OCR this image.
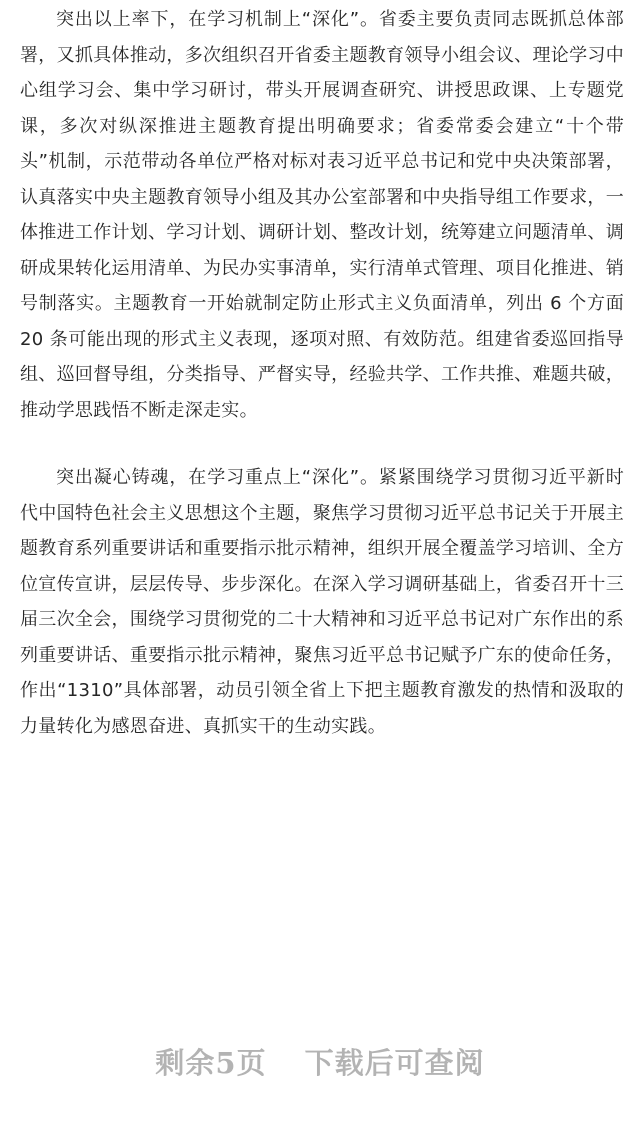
突出以上率下，在学习机制上“深化”。省委主要负责同志既抓总体部署，又抓具体推动，多次组织召开省委主题教育领导小组会议、理论学习中心组学习会、集中学习研讨，带头开展调查研究、讲授思政课、上专题党课，多次对纵深推进主题教育提出明确要求；省委常委会建立“十个带头”机制，示范带动各单位严格对标对表习近平总书记和党中央决策部署，认真落实中央主题教育领导小组及其办公室部署和中央指导组工作要求，一体推进工作计划、学习计划、调研计划、整改计划，统筹建立问题清单、调研成果转化运用清单、为民办实事清单，实行清单式管理、项目化推进、销号制落实。主题教育一开始就制定防止形式主义负面清单，列出 6 个方面 20 条可能出现的形式主义表现，逐项对照、有效防范。组建省委巡回指导组、巡回督导组，分类指导、严督实导，经验共学、工作共推、难题共破，推动学思践悟不断走深走实。

突出凝心铸魂，在学习重点上“深化”。紧紧围绕学习贯彻习近平新时代中国特色社会主义思想这个主题，聚焦学习贯彻习近平总书记关于开展主题教育系列重要讲话和重要指示批示精神，组织开展全覆盖学习培训、全方位宣传宣讲，层层传导、步步深化。在深入学习调研基础上，省委召开十三届三次全会，围绕学习贯彻党的二十大精神和习近平总书记对广东作出的系列重要讲话、重要指示批示精神，聚焦习近平总书记赋予广东的使命任务，作出“1310”具体部署，动员引领全省上下把主题教育激发的热情和汲取的力量转化为感恩奋进、真抓实干的生动实践。

剩余5页 下载后可查阅
